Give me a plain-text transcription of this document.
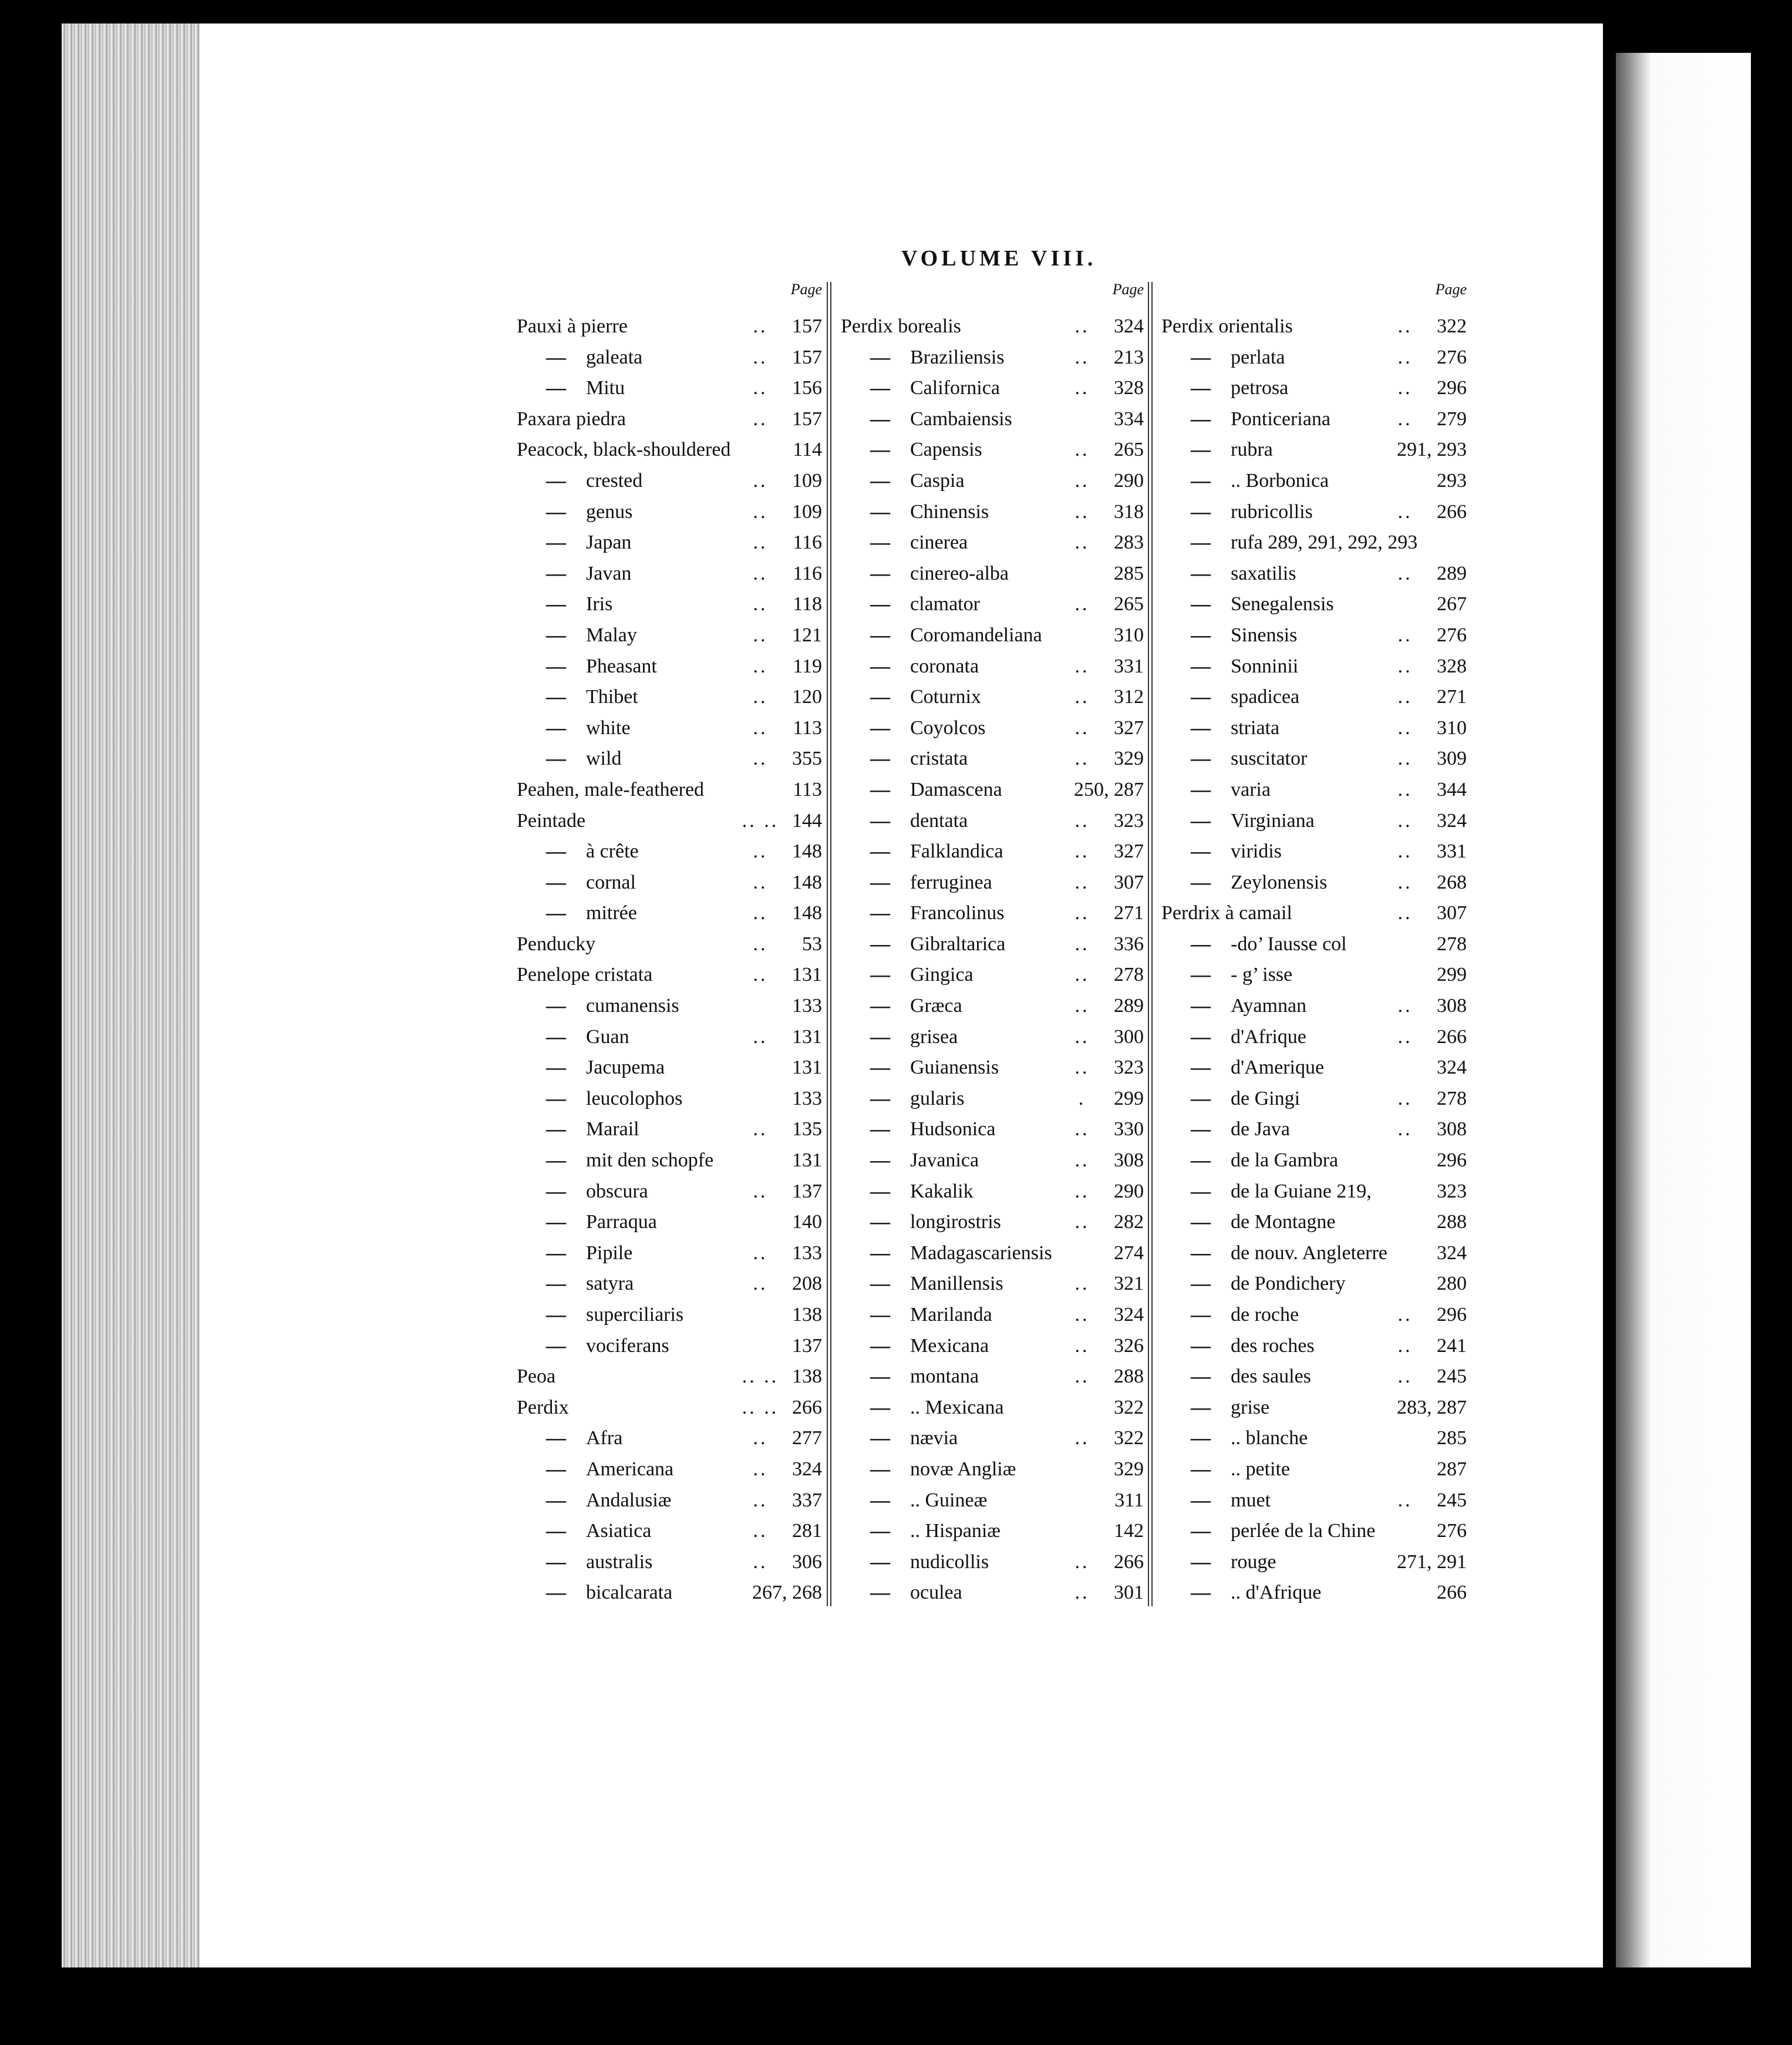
VOLUME VIII.
Page
Pauxi à pierre	..	157
— galeata	..	157
— Mitu	..	156
Paxara piedra	..	157
Peacock, black-shouldered	114
— crested	..	109
— genus	..	109
— Japan	..	116
— Javan	..	116
— Iris	..	118
— Malay	..	121
— Pheasant	..	119
— Thibet	..	120
— white	..	113
— wild	..	355
Peahen, male-feathered	113
Peintade	.. .. 144
— à crête	..	148
— cornal	..	148
— mitrée	..	148
Penducky	..	53
Penelope cristata	..	131
— cumanensis	133
— Guan	..	131
— Jacupema	131
— leucolophos	133
— Marail	..	135
— mit den schopfe	131
— obscura	..	137
— Parraqua	140
— Pipile	..	133
— satyra	..	208
— superciliaris	138
— vociferans	137
Peoa	.. .. 138
Perdix	.. .. 266
— Afra	..	277
— Americana	..	324
— Andalusiæ	..	337
— Asiatica	..	281
— australis	..	306
— bicalcarata	267, 268
Page
Perdix borealis	..	324
— Braziliensis	..	213
— Californica	..	328
— Cambaiensis	334
— Capensis	..	265
— Caspia	..	290
— Chinensis	..	318
— cinerea	..	283
— cinereo-alba	285
— clamator	..	265
— Coromandeliana	310
— coronata	..	331
— Coturnix	..	312
— Coyolcos	..	327
— cristata	..	329
— Damascena	250, 287
— dentata	..	323
— Falklandica	..	327
— ferruginea	..	307
— Francolinus	..	271
— Gibraltarica	..	336
— Gingica	..	278
— Græca	..	289
— grisea	..	300
— Guianensis	..	323
— gularis	.	299
— Hudsonica	..	330
— Javanica	..	308
— Kakalik	..	290
— longirostris	..	282
— Madagascariensis	274
— Manillensis	..	321
— Marilanda	..	324
— Mexicana	..	326
— montana	..	288
— .. Mexicana	322
— nævia	..	322
— novæ Angliæ	329
— .. Guineæ	311
— .. Hispaniæ	142
— nudicollis	..	266
— oculea	..	301
Page
Perdix orientalis	..	322
— perlata	..	276
— petrosa	..	296
— Ponticeriana	..	279
— rubra	291, 293
— .. Borbonica	293
— rubricollis	..	266
— rufa 289, 291, 292, 293
— saxatilis	..	289
— Senegalensis	267
— Sinensis	..	276
— Sonninii	..	328
— spadicea	..	271
— striata	..	310
— suscitator	..	309
— varia	..	344
— Virginiana	..	324
— viridis	..	331
— Zeylonensis	..	268
Perdrix à camail	..	307
— -do’ Iausse col	278
— - g’ isse	299
— Ayamnan	..	308
— d'Afrique	..	266
— d'Amerique	324
— de Gingi	..	278
— de Java	..	308
— de la Gambra	296
— de la Guiane 219,	323
— de Montagne	288
— de nouv. Angleterre	324
— de Pondichery	280
— de roche	..	296
— des roches	..	241
— des saules	..	245
— grise	283, 287
— .. blanche	285
— .. petite	287
— muet	..	245
— perlée de la Chine	276
— rouge	271, 291
— .. d'Afrique	266
